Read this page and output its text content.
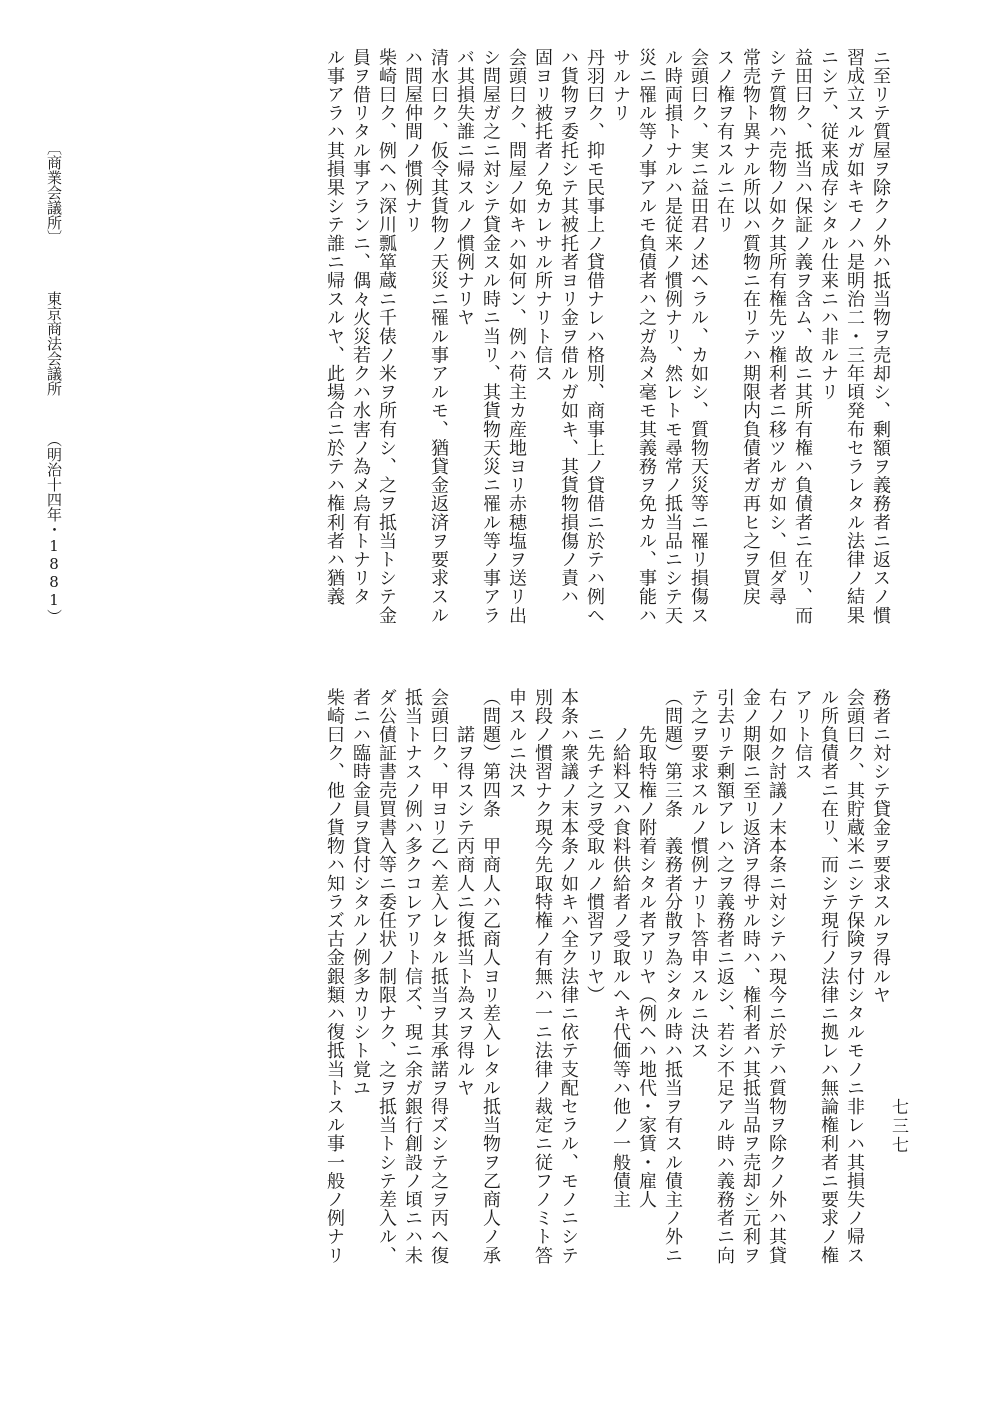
〔商業会議所〕 東京商法会議所 （明治十四年・1881）	ニ至リテ質屋ヲ除クノ外ハ抵当物ヲ売却シ、剰額ヲ義務者ニ返スノ慣
習成立スルガ如キモノハ是明治二・三年頃発布セラレタル法律ノ結果
ニシテ、従来成存シタル仕来ニハ非ルナリ
益田曰ク、抵当ハ保証ノ義ヲ含ム、故ニ其所有権ハ負債者ニ在リ、而
シテ質物ハ売物ノ如ク其所有権先ツ権利者ニ移ツルガ如シ、但ダ尋
常売物ト異ナル所以ハ質物ニ在リテハ期限内負債者ガ再ヒ之ヲ買戻
スノ権ヲ有スルニ在リ
会頭曰ク、実ニ益田君ノ述ヘラル、カ如シ、質物天災等ニ罹リ損傷ス
ル時両損トナルハ是従来ノ慣例ナリ、然レトモ尋常ノ抵当品ニシテ天
災ニ罹ル等ノ事アルモ負債者ハ之ガ為メ毫モ其義務ヲ免カル、事能ハ
サルナリ
丹羽曰ク、抑モ民事上ノ貸借ナレハ格別、商事上ノ貸借ニ於テハ例ヘ
ハ貨物ヲ委托シテ其被托者ヨリ金ヲ借ルガ如キ、其貨物損傷ノ責ハ
固ヨリ被托者ノ免カレサル所ナリト信ス
会頭曰ク、問屋ノ如キハ如何ン、例ハ荷主カ産地ヨリ赤穂塩ヲ送リ出
シ問屋ガ之ニ対シテ貸金スル時ニ当リ、其貨物天災ニ罹ル等ノ事アラ
バ其損失誰ニ帰スルノ慣例ナリヤ
清水曰ク、仮令其貨物ノ天災ニ罹ル事アルモ、猶貸金返済ヲ要求スル
ハ問屋仲間ノ慣例ナリ
柴崎曰ク、例ヘハ深川瓢箪蔵ニ千俵ノ米ヲ所有シ、之ヲ抵当トシテ金
員ヲ借リタル事アランニ、偶々火災若クハ水害ノ為メ烏有トナリタ
ル事アラハ其損果シテ誰ニ帰スルヤ、此場合ニ於テハ権利者ハ猶義
務者ニ対シテ貸金ヲ要求スルヲ得ルヤ
会頭曰ク、其貯蔵米ニシテ保険ヲ付シタルモノニ非レハ其損失ノ帰ス
ル所負債者ニ在リ、而シテ現行ノ法律ニ拠レハ無論権利者ニ要求ノ権
アリト信ス
右ノ如ク討議ノ末本条ニ対シテハ現今ニ於テハ質物ヲ除クノ外ハ其貸
金ノ期限ニ至リ返済ヲ得サル時ハ、権利者ハ其抵当品ヲ売却シ元利ヲ
引去リテ剰額アレハ之ヲ義務者ニ返シ、若シ不足アル時ハ義務者ニ向
テ之ヲ要求スルノ慣例ナリト答申スルニ決ス
（問題）第三条　義務者分散ヲ為シタル時ハ抵当ヲ有スル債主ノ外ニ
　　先取特権ノ附着シタル者アリヤ（例ヘハ地代・家賃・雇人
　　ノ給料又ハ食料供給者ノ受取ルヘキ代価等ハ他ノ一般債主
　　ニ先チ之ヲ受取ルノ慣習アリヤ）
本条ハ衆議ノ末本条ノ如キハ全ク法律ニ依テ支配セラル、モノニシテ
別段ノ慣習ナク現今先取特権ノ有無ハ一ニ法律ノ裁定ニ従フノミト答
申スルニ決ス
（問題）第四条　甲商人ハ乙商人ヨリ差入レタル抵当物ヲ乙商人ノ承
　　諾ヲ得スシテ丙商人ニ復抵当ト為スヲ得ルヤ
会頭曰ク、甲ヨリ乙ヘ差入レタル抵当ヲ其承諾ヲ得ズシテ之ヲ丙ヘ復
抵当トナスノ例ハ多クコレアリト信ズ、現ニ余ガ銀行創設ノ頃ニハ未
ダ公債証書売買書入等ニ委任状ノ制限ナク、之ヲ抵当トシテ差入ル、
者ニハ臨時金員ヲ貸付シタルノ例多カリシト覚ユ
柴崎曰ク、他ノ貨物ハ知ラズ古金銀類ハ復抵当トスル事一般ノ例ナリ	七三七
